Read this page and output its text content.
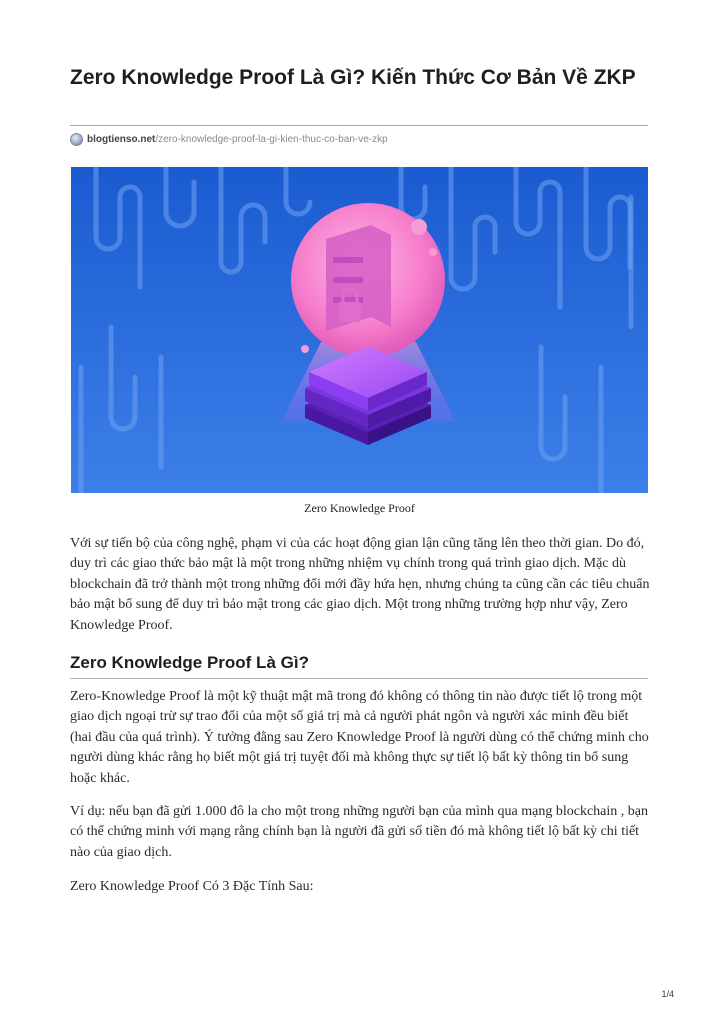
Zero Knowledge Proof Là Gì? Kiến Thức Cơ Bản Về ZKP
blogtienso.net /zero-knowledge-proof-la-gi-kien-thuc-co-ban-ve-zkp
Zero Knowledge Proof

Với sự tiến bộ của công nghệ, phạm vi của các hoạt động gian lận cũng tăng lên theo thời gian. Do đó, duy trì các giao thức bảo mật là một trong những nhiệm vụ chính trong quá trình giao dịch. Mặc dù blockchain đã trở thành một trong những đổi mới đầy hứa hẹn, nhưng chúng ta cũng cần các tiêu chuẩn bảo mật bổ sung để duy trì bảo mật trong các giao dịch. Một trong những trường hợp như vậy, Zero Knowledge Proof.

Zero Knowledge Proof Là Gì?

Zero-Knowledge Proof là một kỹ thuật mật mã trong đó không có thông tin nào được tiết lộ trong một giao dịch ngoại trừ sự trao đổi của một số giá trị mà cả người phát ngôn và người xác minh đều biết (hai đầu của quá trình). Ý tưởng đằng sau Zero Knowledge Proof là người dùng có thể chứng minh cho người dùng khác rằng họ biết một giá trị tuyệt đối mà không thực sự tiết lộ bất kỳ thông tin bổ sung hoặc khác.

Ví dụ: nếu bạn đã gửi 1.000 đô la cho một trong những người bạn của mình qua mạng blockchain , bạn có thể chứng minh với mạng rằng chính bạn là người đã gửi số tiền đó mà không tiết lộ bất kỳ chi tiết nào của giao dịch.

Zero Knowledge Proof Có 3 Đặc Tính Sau:

1/4
